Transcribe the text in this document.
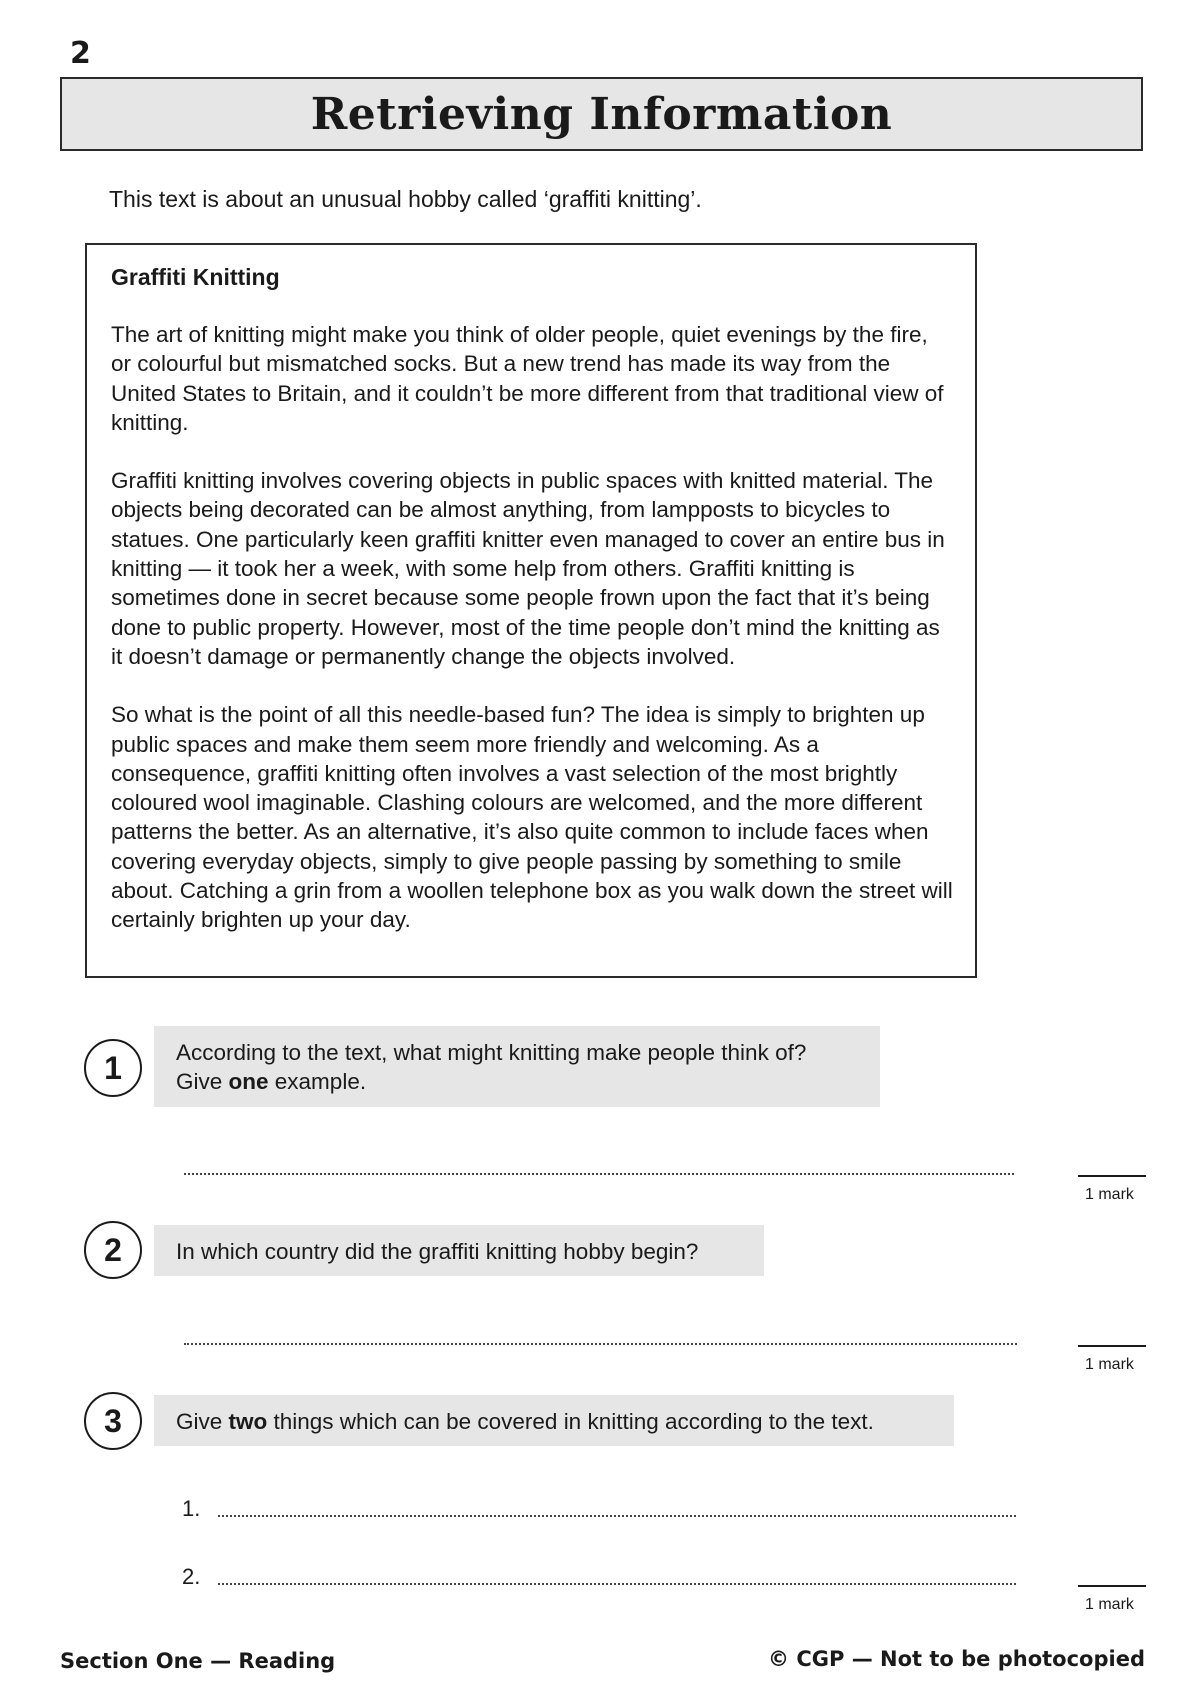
2
Retrieving Information
This text is about an unusual hobby called ‘graffiti knitting’.
Graffiti Knitting

The art of knitting might make you think of older people, quiet evenings by the fire, or colourful but mismatched socks. But a new trend has made its way from the United States to Britain, and it couldn’t be more different from that traditional view of knitting.

Graffiti knitting involves covering objects in public spaces with knitted material. The objects being decorated can be almost anything, from lampposts to bicycles to statues. One particularly keen graffiti knitter even managed to cover an entire bus in knitting — it took her a week, with some help from others. Graffiti knitting is sometimes done in secret because some people frown upon the fact that it’s being done to public property. However, most of the time people don’t mind the knitting as it doesn’t damage or permanently change the objects involved.

So what is the point of all this needle-based fun? The idea is simply to brighten up public spaces and make them seem more friendly and welcoming. As a consequence, graffiti knitting often involves a vast selection of the most brightly coloured wool imaginable. Clashing colours are welcomed, and the more different patterns the better. As an alternative, it’s also quite common to include faces when covering everyday objects, simply to give people passing by something to smile about. Catching a grin from a woollen telephone box as you walk down the street will certainly brighten up your day.

1	According to the text, what might knitting make people think of?
Give one example.
1 mark
2	In which country did the graffiti knitting hobby begin?
1 mark
3	Give two things which can be covered in knitting according to the text.
1.
2.
1 mark
Section One — Reading	© CGP — Not to be photocopied
